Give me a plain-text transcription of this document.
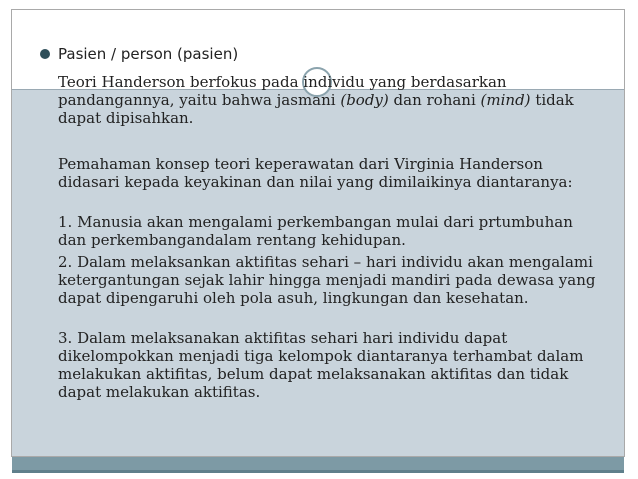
Pasien / person (pasien)

Teori Handerson berfokus pada individu yang berdasarkan pandangannya, yaitu bahwa jasmani (body) dan rohani (mind) tidak dapat dipisahkan.

Pemahaman konsep teori keperawatan dari Virginia Handerson didasari kepada keyakinan dan nilai yang dimilaikinya diantaranya:

1. Manusia akan mengalami perkembangan mulai dari prtumbuhan dan perkembangandalam rentang kehidupan.

2. Dalam melaksankan aktifitas sehari – hari individu akan mengalami ketergantungan sejak lahir hingga menjadi mandiri pada dewasa yang dapat dipengaruhi oleh pola asuh, lingkungan dan kesehatan.

3. Dalam melaksanakan aktifitas sehari hari individu dapat dikelompokkan menjadi tiga kelompok diantaranya terhambat dalam melakukan aktifitas, belum dapat melaksanakan aktifitas dan tidak dapat melakukan aktifitas.
